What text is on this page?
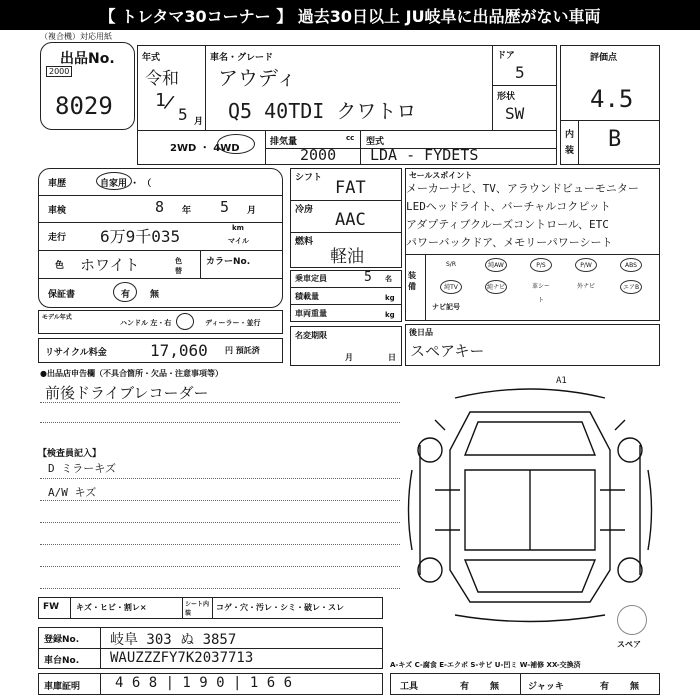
【 トレタマ30コーナー 】 過去30日以上 JU岐阜に出品歴がない車両
（複合機）対応用紙
出品No.
2000
8029
年式
令和
1
5 月
/
車名・グレード
アウディ
Q5 40TDI クワトロ
ドア
5
形状
SW
2WD ・ 4WD
排気量	cc
2000
型式
LDA - FYDETS
評価点
4.5
内
装 B
車歴	自家用 ・ （
車検	8 年 5 月
走行 6万9千035	km
マイル
色 ホワイト	色替
カラーNo.
保証書	有 無
モデル年式
ハンドル 左・右	ディーラー・並行
リサイクル料金	17,060 円 預託済
シフト FAT
冷房 AAC
燃料
軽油
乗車定員	5 名
積載量	kg
車両重量	kg
名変期限
月	日
セールスポイント
メーカーナビ、TV、アラウンドビューモニター
LEDヘッドライト、バーチャルコクピット
アダプティブクルーズコントロール、ETC
パワーバックドア、メモリーパワーシート
装備
S/R	純AW	P/S	P/W	ABS
純TV	純ナビ	革シート
外ナビ	エアB
ナビ記号
後日品
スペアキー
●出品店申告欄（不具合箇所・欠品・注意事項等）
前後ドライブレコーダー
【検査員記入】
D ミラーキズ
A/W キズ
A1
スペア
FW キズ・ヒビ・割レ×	シート内装
コゲ・穴・汚レ・シミ・破レ・スレ
登録No. 岐阜 303 ぬ 3857
車台No. WAUZZZFY7K2037713	A-キズ C-腐食 E-エクボ S-サビ U-凹ミ W-補修 XX-交換済
車庫証明 4 6 8 | 1 9 0 | 1 6 6	工具	有 無	ジャッキ	有 無
